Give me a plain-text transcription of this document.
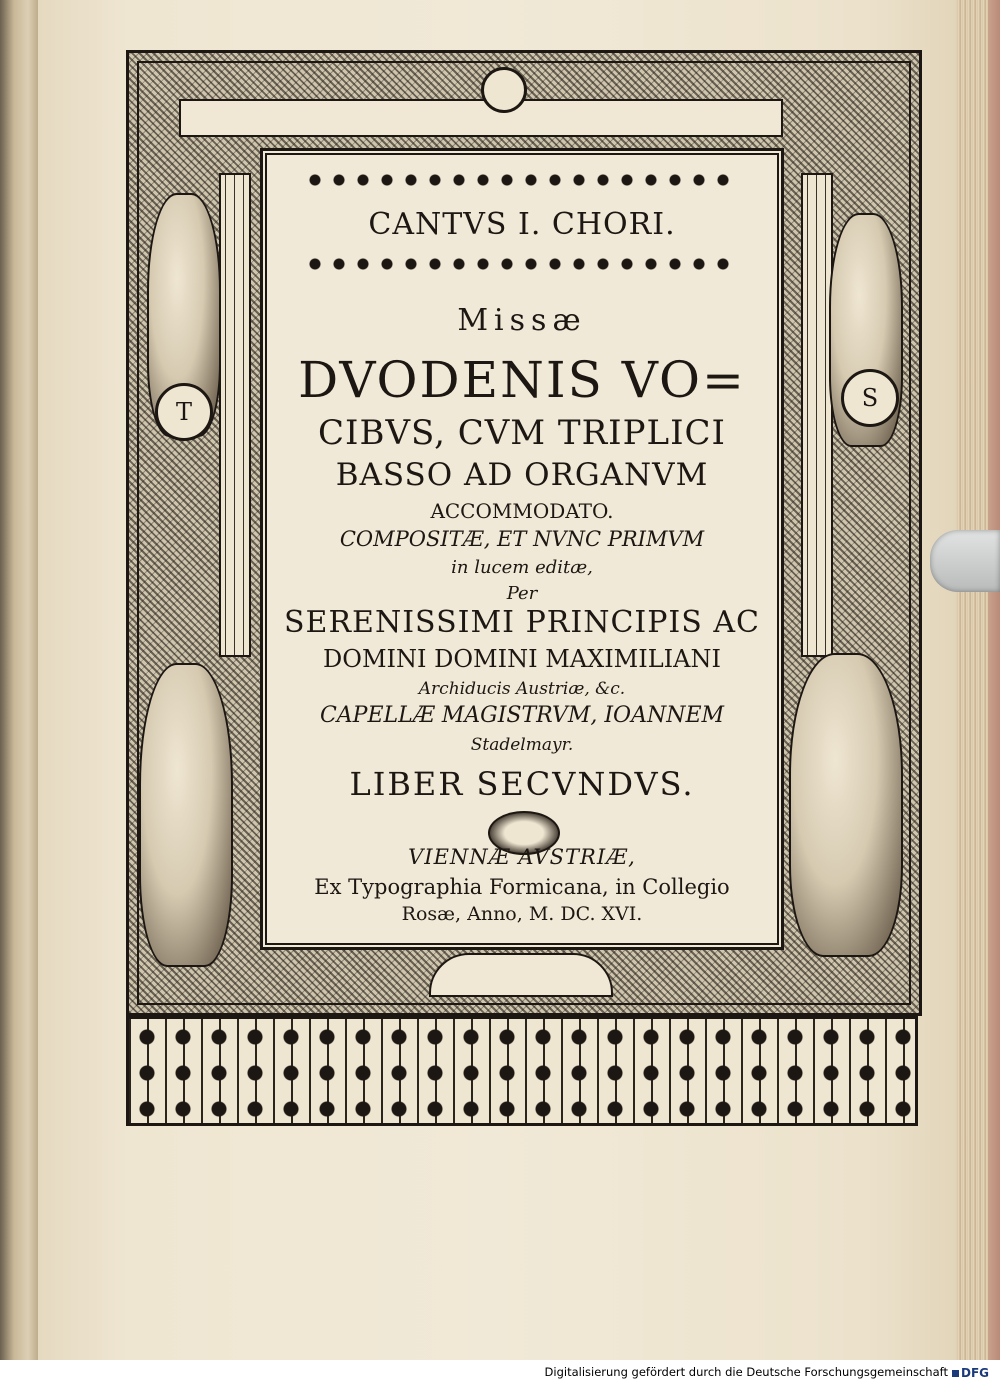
T	S
CANTVS I. CHORI.
Missæ
DVODENIS VO=
CIBVS, CVM TRIPLICI
BASSO AD ORGANVM
ACCOMMODATO.
COMPOSITÆ, ET NVNC PRIMVM
in lucem editæ,
Per
SERENISSIMI PRINCIPIS AC
DOMINI DOMINI MAXIMILIANI
Archiducis Austriæ, &c.
CAPELLÆ MAGISTRVM, IOANNEM
Stadelmayr.
LIBER SECVNDVS.
VIENNÆ AVSTRIÆ,
Ex Typographia Formicana, in Collegio
Rosæ, Anno, M. DC. XVI.
Digitalisierung gefördert durch die Deutsche Forschungsgemeinschaft DFG
